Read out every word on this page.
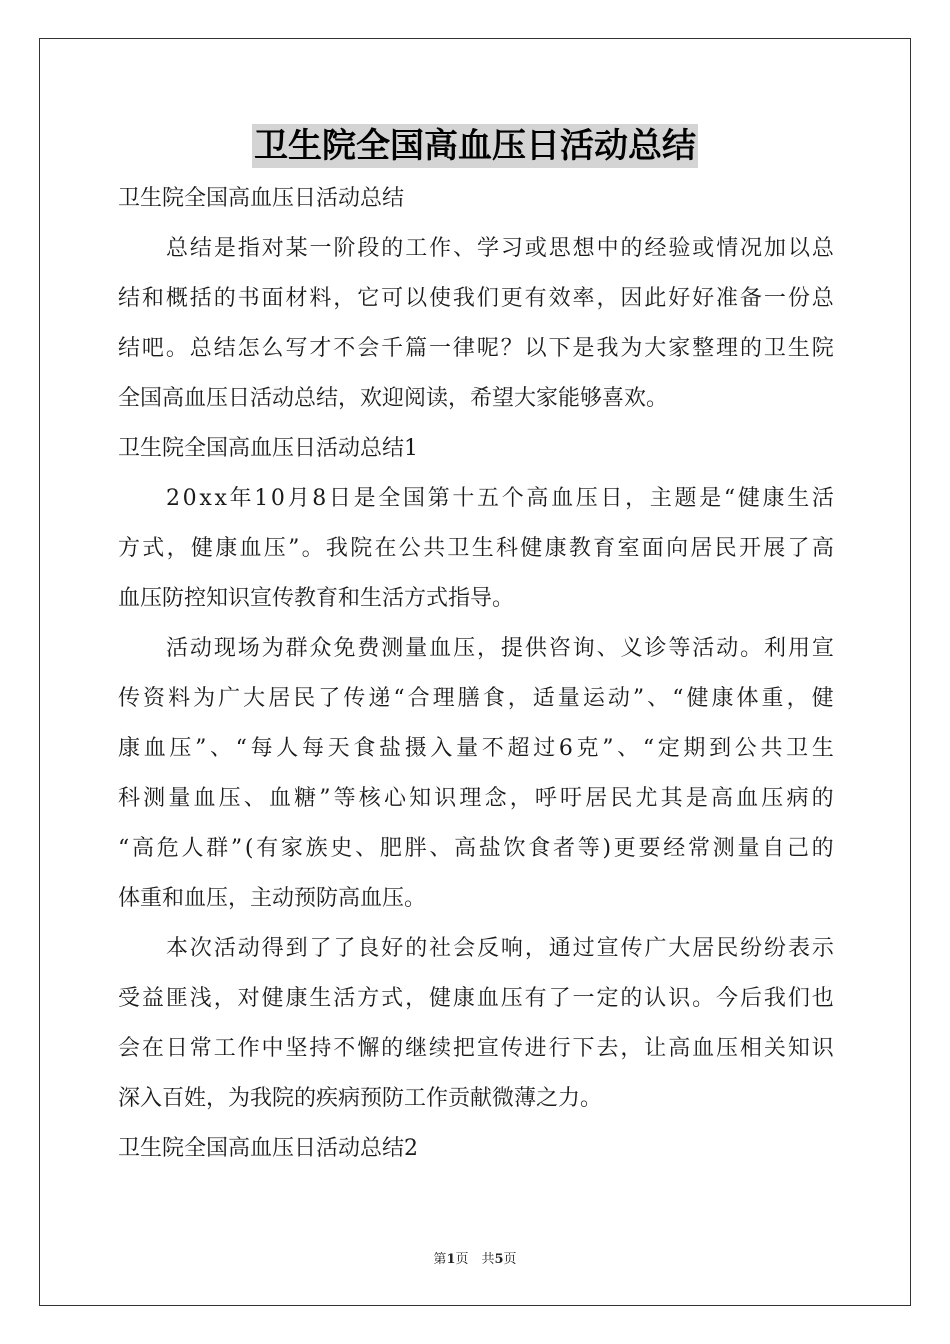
卫生院全国高血压日活动总结
卫生院全国高血压日活动总结
总 结 是 指 对 某 一 阶 段 的 工 作 、 学 习 或 思 想 中 的 经 验 或 情 况 加 以 总
结 和 概 括 的 书 面 材 料 ， 它 可 以 使 我 们 更 有 效 率 ， 因 此 好 好 准 备 一 份 总
结 吧 。 总 结 怎 么 写 才 不 会 千 篇 一 律 呢 ？ 以 下 是 我 为 大 家 整 理 的 卫 生 院
全国高血压日活动总结，欢迎阅读，希望大家能够喜欢。
卫生院全国高血压日活动总结1
2 0 x x 年 1 0 月 8 日 是 全 国 第 十 五 个 高 血 压 日 ， 主 题 是 “ 健 康 生 活
方 式 ， 健 康 血 压 ” 。 我 院 在 公 共 卫 生 科 健 康 教 育 室 面 向 居 民 开 展 了 高
血压防控知识宣传教育和生活方式指导。
活 动 现 场 为 群 众 免 费 测 量 血 压 ， 提 供 咨 询 、 义 诊 等 活 动 。 利 用 宣
传 资 料 为 广 大 居 民 了 传 递 “ 合 理 膳 食 ， 适 量 运 动 ” 、 “ 健 康 体 重 ， 健
康 血 压 ” 、 “ 每 人 每 天 食 盐 摄 入 量 不 超 过 6 克 ” 、 “ 定 期 到 公 共 卫 生
科 测 量 血 压 、 血 糖 ” 等 核 心 知 识 理 念 ， 呼 吁 居 民 尤 其 是 高 血 压 病 的
“ 高 危 人 群 ” ( 有 家 族 史 、 肥 胖 、 高 盐 饮 食 者 等 ) 更 要 经 常 测 量 自 己 的
体重和血压，主动预防高血压。
本 次 活 动 得 到 了 了 良 好 的 社 会 反 响 ， 通 过 宣 传 广 大 居 民 纷 纷 表 示
受 益 匪 浅 ， 对 健 康 生 活 方 式 ， 健 康 血 压 有 了 一 定 的 认 识 。 今 后 我 们 也
会 在 日 常 工 作 中 坚 持 不 懈 的 继 续 把 宣 传 进 行 下 去 ， 让 高 血 压 相 关 知 识
深入百姓，为我院的疾病预防工作贡献微薄之力。
卫生院全国高血压日活动总结2
第1页　共5页
